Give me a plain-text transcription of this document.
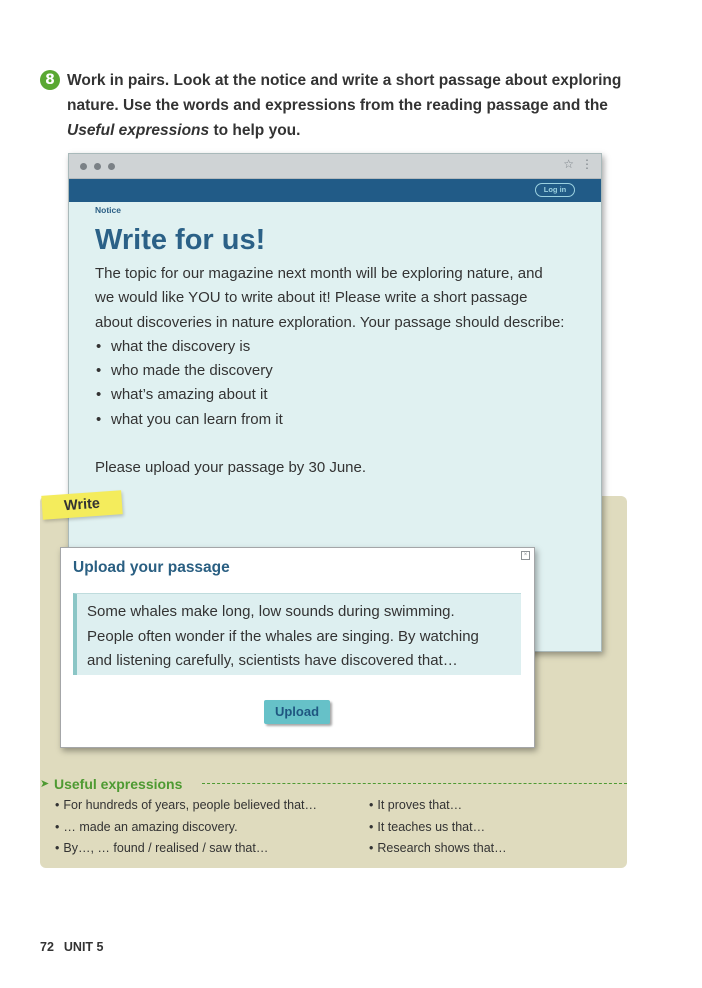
8 Work in pairs. Look at the notice and write a short passage about exploring
nature. Use the words and expressions from the reading passage and the
Useful expressions to help you.
☆ ⋮
Log in
Notice
Write for us!
The topic for our magazine next month will be exploring nature, and
we would like YOU to write about it! Please write a short passage
about discoveries in nature exploration. Your passage should describe:
• what the discovery is
• who made the discovery
• what’s amazing about it
• what you can learn from it
Please upload your passage by 30 June.
Write
×
Upload your passage
Some whales make long, low sounds during swimming.
People often wonder if the whales are singing. By watching
and listening carefully, scientists have discovered that…
Upload
➤ Useful expressions
• For hundreds of years, people believed that…
• … made an amazing discovery.
• By…, … found / realised / saw that…
• It proves that…
• It teaches us that…
• Research shows that…
72 UNIT 5
